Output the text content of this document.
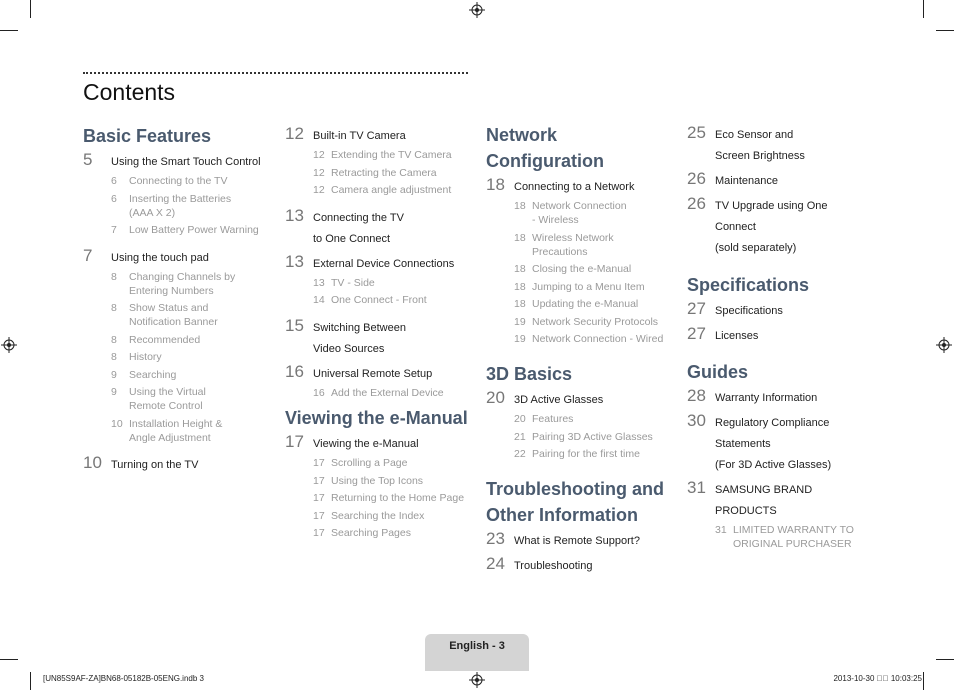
Contents
Basic Features
5	Using the Smart Touch Control
6 Connecting to the TV
6 Inserting the Batteries
(AAA X 2)
7 Low Battery Power Warning
7	Using the touch pad
8 Changing Channels by
Entering Numbers
8 Show Status and
Notification Banner
8 Recommended
8 History
9 Searching
9 Using the Virtual
Remote Control
10 Installation Height &
Angle Adjustment
10 Turning on the TV
12 Built-in TV Camera
12 Extending the TV Camera
12 Retracting the Camera
12 Camera angle adjustment
13 Connecting the TV
to One Connect
13 External Device Connections
13 TV - Side
14 One Connect - Front
15 Switching Between
Video Sources
16 Universal Remote Setup
16 Add the External Device
Viewing the e-Manual
17 Viewing the e-Manual
17 Scrolling a Page
17 Using the Top Icons
17 Returning to the Home Page
17 Searching the Index
17 Searching Pages
Network
Configuration
18 Connecting to a Network
18 Network Connection
- Wireless
18 Wireless Network
Precautions
18 Closing the e-Manual
18 Jumping to a Menu Item
18 Updating the e-Manual
19 Network Security Protocols
19 Network Connection - Wired
3D Basics
20 3D Active Glasses
20 Features
21 Pairing 3D Active Glasses
22 Pairing for the first time
Troubleshooting and
Other Information
23 What is Remote Support?
24 Troubleshooting
25 Eco Sensor and
Screen Brightness
26 Maintenance
26 TV Upgrade using One
Connect
(sold separately)
Specifications
27 Specifications
27 Licenses
Guides
28 Warranty Information
30 Regulatory Compliance
Statements
(For 3D Active Glasses)
31 SAMSUNG BRAND
PRODUCTS
31 LIMITED WARRANTY TO
ORIGINAL PURCHASER
English - 3
[UN85S9AF-ZA]BN68-05182B-05ENG.indb 3	2013-10-30 ￿￿ 10:03:25
